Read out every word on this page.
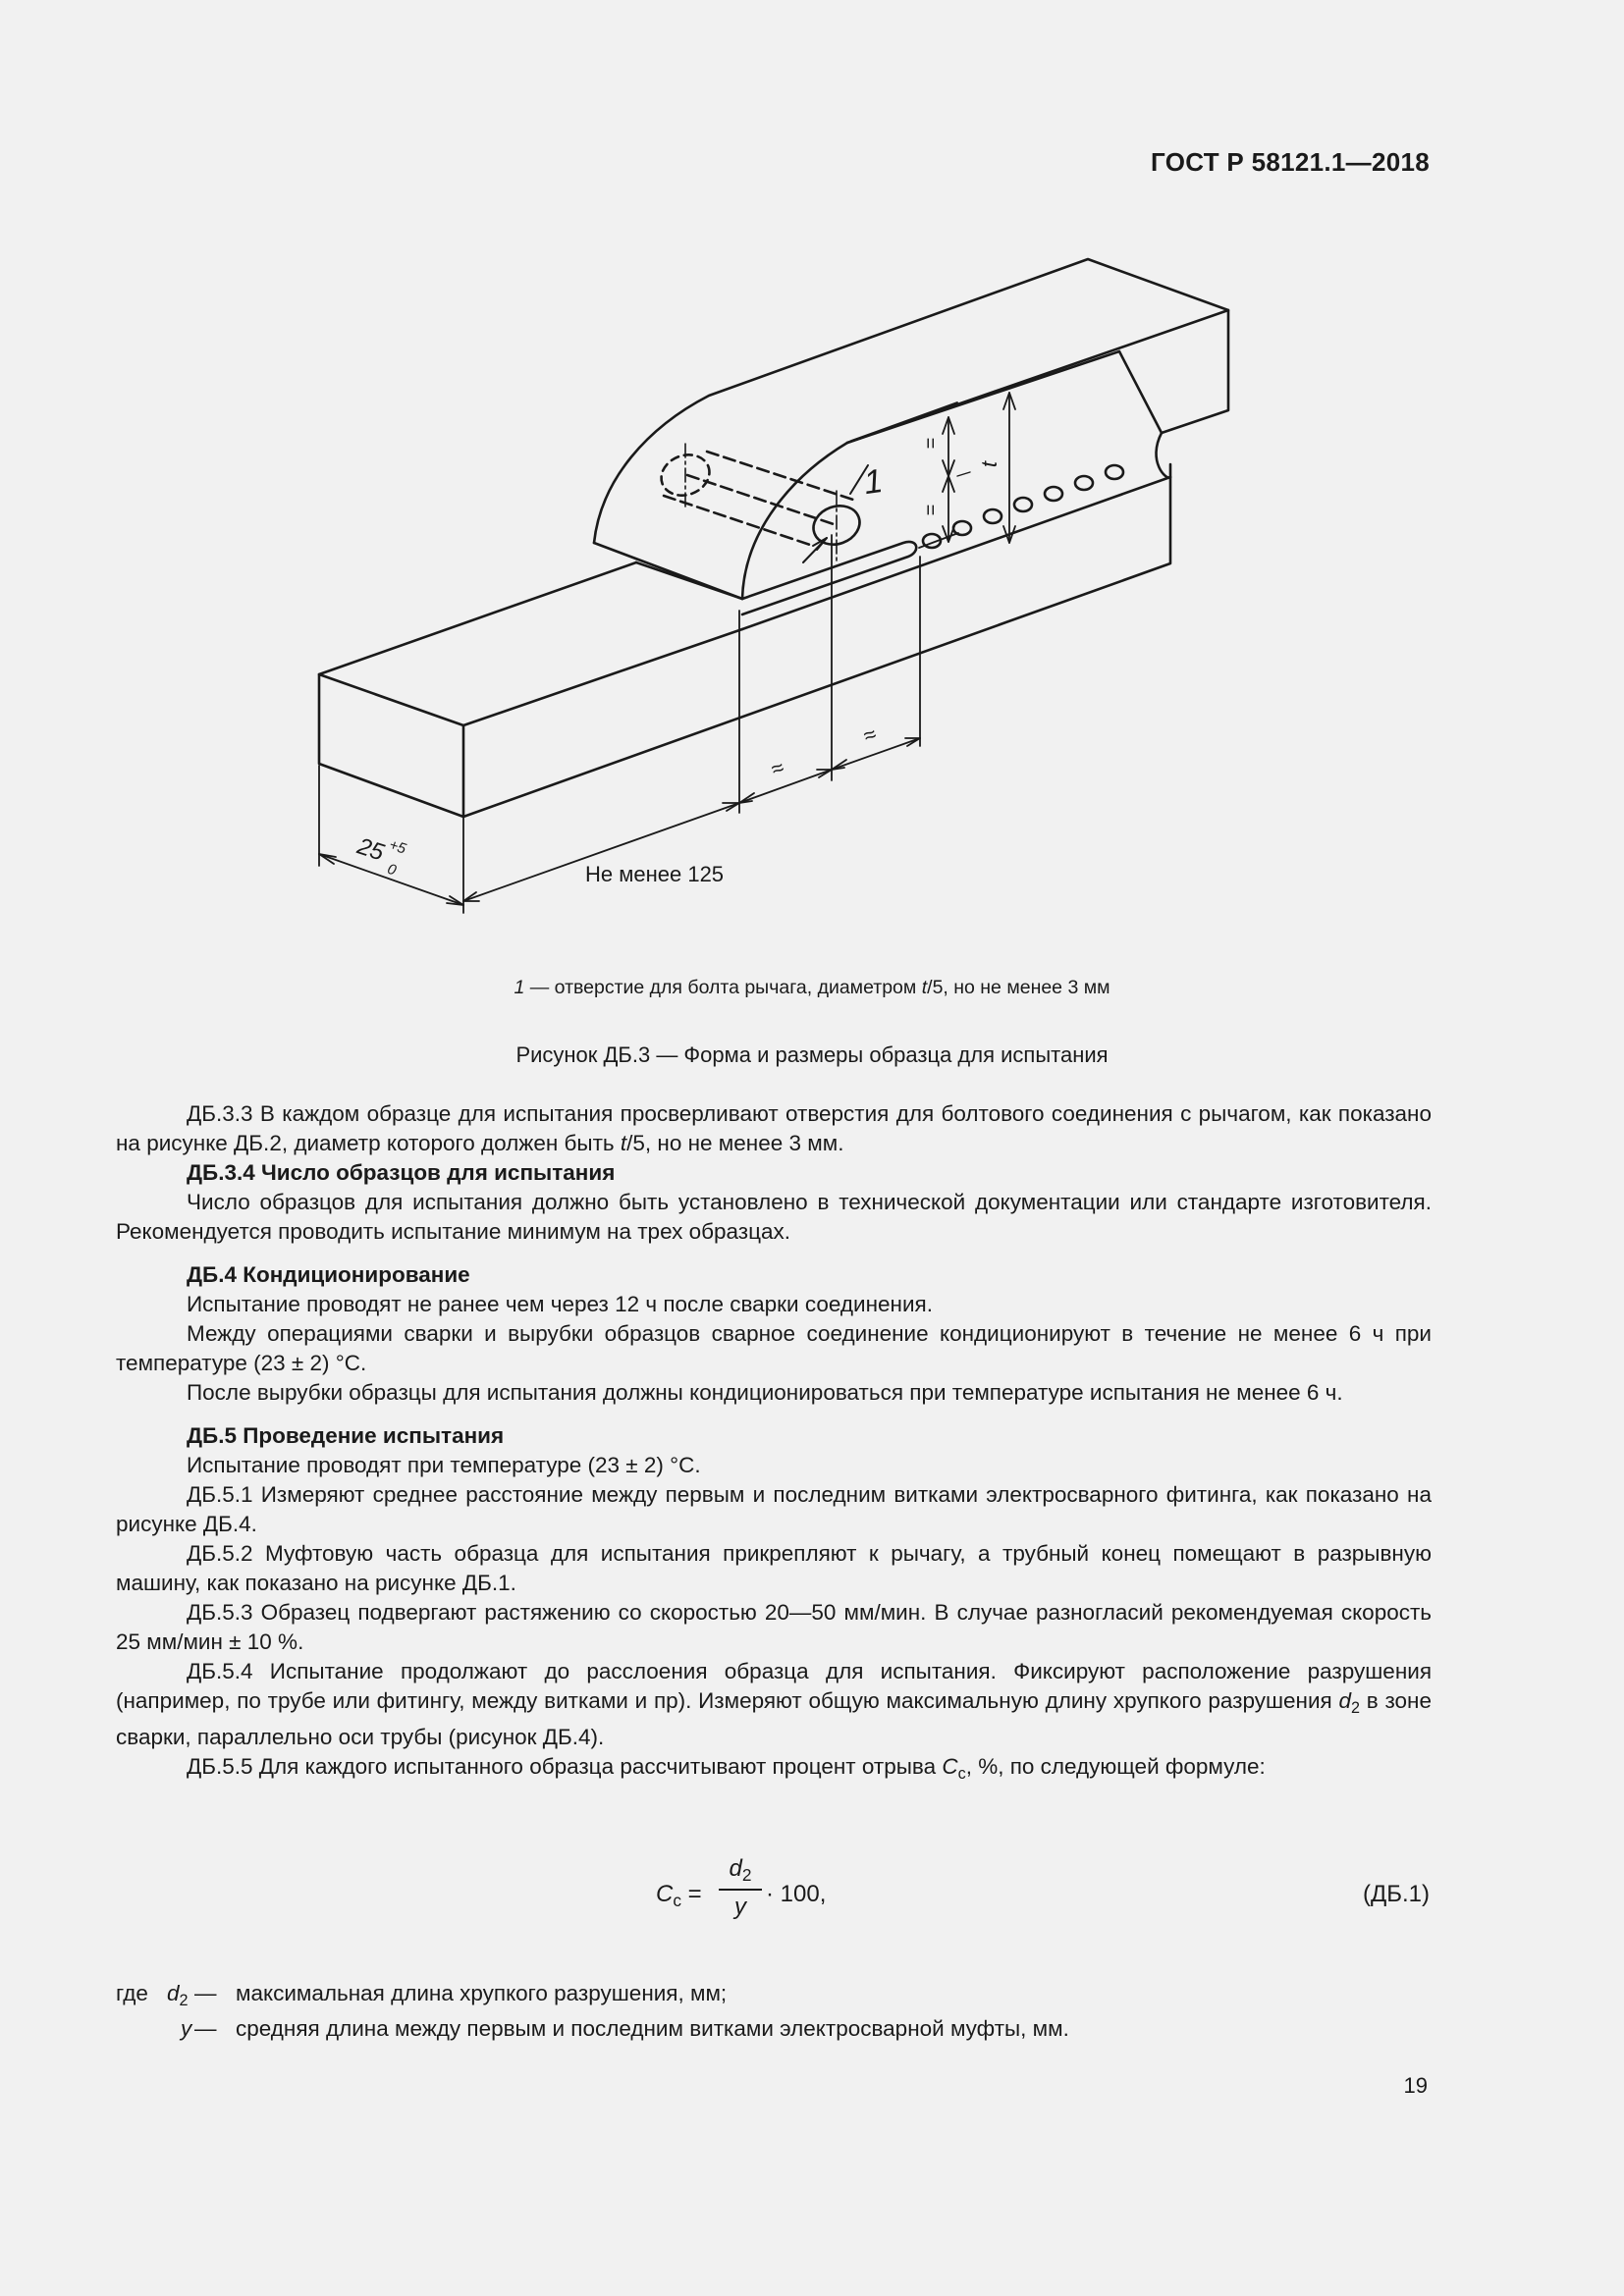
ГОСТ Р 58121.1—2018
1	t
=
=
≈
≈
25 +5
0	Не менее 125
1 — отверстие для болта рычага, диаметром t/5, но не менее 3 мм
Рисунок ДБ.3 — Форма и размеры образца для испытания

ДБ.3.3 В каждом образце для испытания просверливают отверстия для болтового соединения с рычагом, как показано на рисунке ДБ.2, диаметр которого должен быть t/5, но не менее 3 мм.

ДБ.3.4 Число образцов для испытания

Число образцов для испытания должно быть установлено в технической документации или стандарте изготовителя. Рекомендуется проводить испытание минимум на трех образцах.

ДБ.4 Кондиционирование

Испытание проводят не ранее чем через 12 ч после сварки соединения.

Между операциями сварки и вырубки образцов сварное соединение кондиционируют в течение не менее 6 ч при температуре (23 ± 2) °С.

После вырубки образцы для испытания должны кондиционироваться при температуре испытания не менее 6 ч.

ДБ.5 Проведение испытания

Испытание проводят при температуре (23 ± 2) °С.

ДБ.5.1 Измеряют среднее расстояние между первым и последним витками электросварного фитинга, как показано на рисунке ДБ.4.

ДБ.5.2 Муфтовую часть образца для испытания прикрепляют к рычагу, а трубный конец помещают в разрывную машину, как показано на рисунке ДБ.1.

ДБ.5.3 Образец подвергают растяжению со скоростью 20—50 мм/мин. В случае разногласий рекомендуемая скорость 25 мм/мин ± 10 %.

ДБ.5.4 Испытание продолжают до расслоения образца для испытания. Фиксируют расположение разрушения (например, по трубе или фитингу, между витками и пр). Измеряют общую максимальную длину хрупкого разрушения $d_2$ в зоне сварки, параллельно оси трубы (рисунок ДБ.4).

ДБ.5.5 Для каждого испытанного образца рассчитывают процент отрыва $С_с$, %, по следующей формуле:

$С_с$ =
$d_2$
y · 100,	(ДБ.1)
где $d_2$ — максимальная длина хрупкого разрушения, мм;
y — средняя длина между первым и последним витками электросварной муфты, мм.
19
